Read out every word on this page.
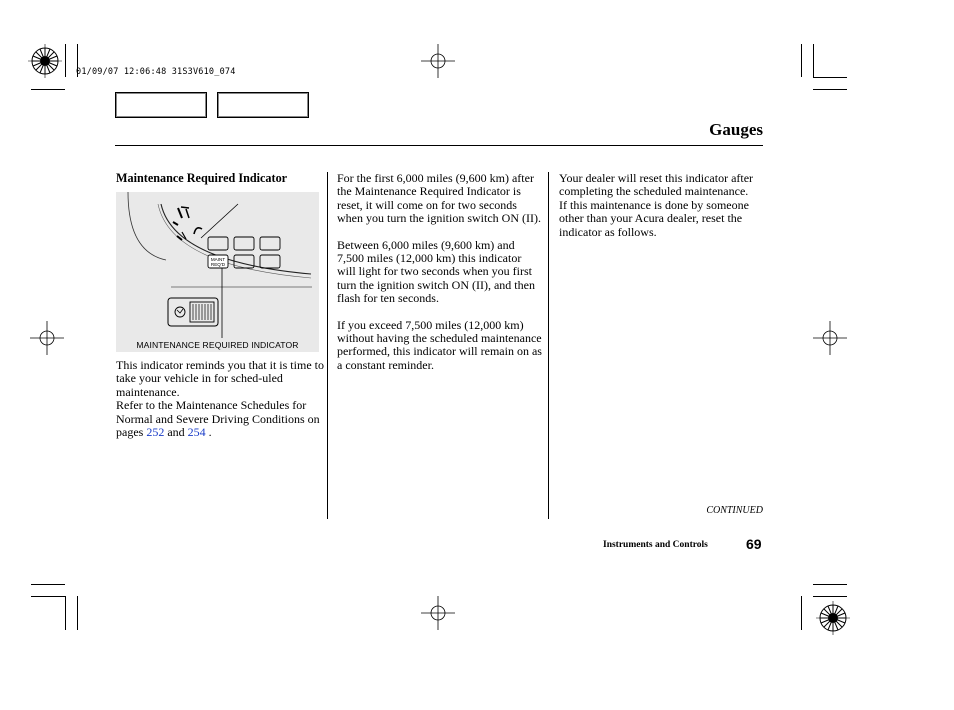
01/09/07 12:06:48 31S3V610_074
Gauges
Maintenance Required Indicator
MAINT REQ'D
MAINTENANCE REQUIRED INDICATOR
This indicator reminds you that it is time to take your vehicle in for sched-uled maintenance.
Refer to the Maintenance Schedules for Normal and Severe Driving Conditions on pages 252 and 254 .

For the first 6,000 miles (9,600 km) after the Maintenance Required Indicator is reset, it will come on for two seconds when you turn the ignition switch ON (II).

Between 6,000 miles (9,600 km) and 7,500 miles (12,000 km) this indicator will light for two seconds when you first turn the ignition switch ON (II), and then flash for ten seconds.

If you exceed 7,500 miles (12,000 km) without having the scheduled maintenance performed, this indicator will remain on as a constant reminder.

Your dealer will reset this indicator after completing the scheduled maintenance. If this maintenance is done by someone other than your Acura dealer, reset the indicator as follows.

CONTINUED
Instruments and Controls	69
